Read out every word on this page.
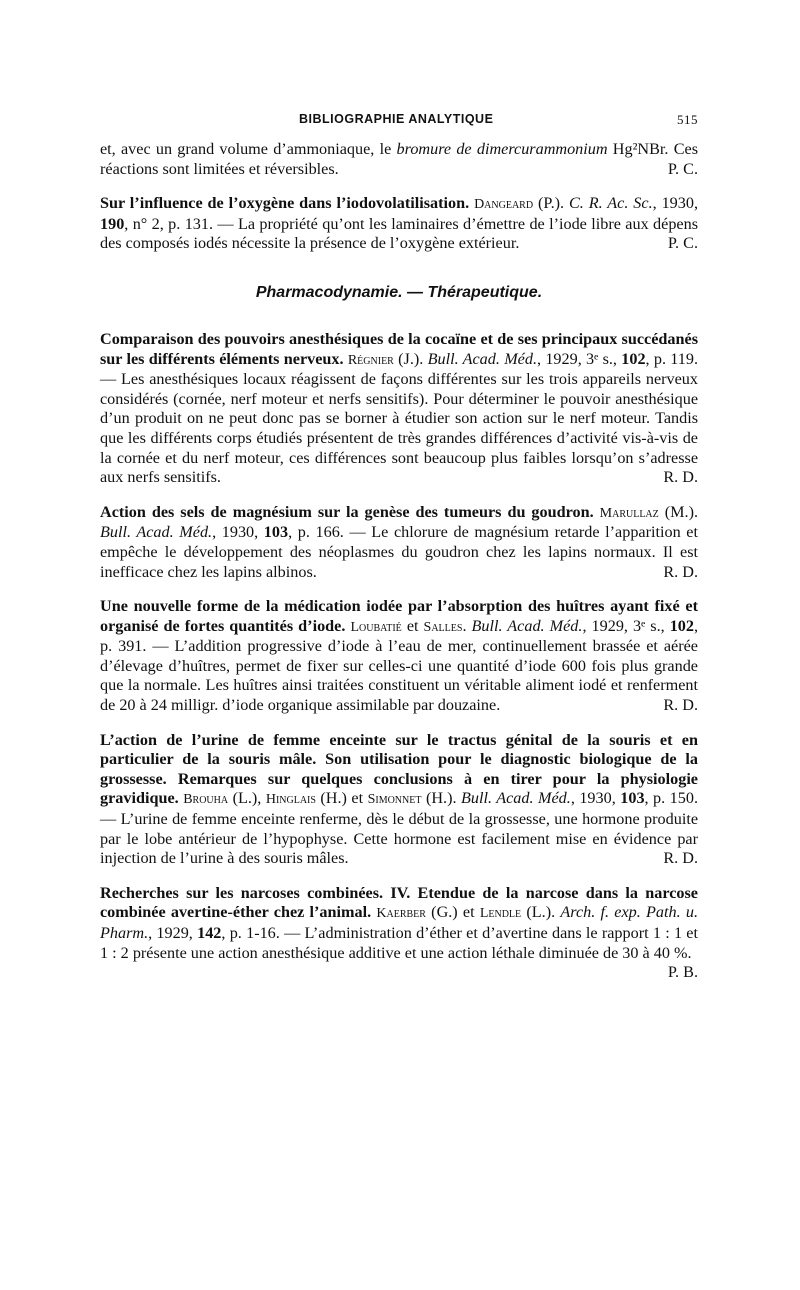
BIBLIOGRAPHIE ANALYTIQUE	515

et, avec un grand volume d’ammoniaque, le bromure de dimercurammonium Hg²NBr. Ces réactions sont limitées et réversibles.	P. C.

Sur l’influence de l’oxygène dans l’iodovolatilisation. Dangeard (P.). C. R. Ac. Sc., 1930, 190, n° 2, p. 131. — La propriété qu’ont les laminaires d’émettre de l’iode libre aux dépens des composés iodés nécessite la présence de l’oxygène extérieur.	P. C.

Pharmacodynamie. — Thérapeutique.

Comparaison des pouvoirs anesthésiques de la cocaïne et de ses principaux succédanés sur les différents éléments nerveux. Régnier (J.). Bull. Acad. Méd., 1929, 3ᵉ s., 102, p. 119. — Les anesthésiques locaux réagissent de façons différentes sur les trois appareils nerveux considérés (cornée, nerf moteur et nerfs sensitifs). Pour déterminer le pouvoir anesthésique d’un produit on ne peut donc pas se borner à étudier son action sur le nerf moteur. Tandis que les différents corps étudiés présentent de très grandes différences d’activité vis-à-vis de la cornée et du nerf moteur, ces différences sont beaucoup plus faibles lorsqu’on s’adresse aux nerfs sensitifs.	R. D.

Action des sels de magnésium sur la genèse des tumeurs du goudron. Marullaz (M.). Bull. Acad. Méd., 1930, 103, p. 166. — Le chlorure de magnésium retarde l’apparition et empêche le développement des néoplasmes du goudron chez les lapins normaux. Il est inefficace chez les lapins albinos.	R. D.

Une nouvelle forme de la médication iodée par l’absorption des huîtres ayant fixé et organisé de fortes quantités d’iode. Loubatié et Salles. Bull. Acad. Méd., 1929, 3ᵉ s., 102, p. 391. — L’addition progressive d’iode à l’eau de mer, continuellement brassée et aérée d’élevage d’huîtres, permet de fixer sur celles-ci une quantité d’iode 600 fois plus grande que la normale. Les huîtres ainsi traitées constituent un véritable aliment iodé et renferment de 20 à 24 milligr. d’iode organique assimilable par douzaine.	R. D.

L’action de l’urine de femme enceinte sur le tractus génital de la souris et en particulier de la souris mâle. Son utilisation pour le diagnostic biologique de la grossesse. Remarques sur quelques conclusions à en tirer pour la physiologie gravidique. Brouha (L.), Hinglais (H.) et Simonnet (H.). Bull. Acad. Méd., 1930, 103, p. 150. — L’urine de femme enceinte renferme, dès le début de la grossesse, une hormone produite par le lobe antérieur de l’hypophyse. Cette hormone est facilement mise en évidence par injection de l’urine à des souris mâles.	R. D.

Recherches sur les narcoses combinées. IV. Etendue de la narcose dans la narcose combinée avertine-éther chez l’animal. Kaerber (G.) et Lendle (L.). Arch. f. exp. Path. u. Pharm., 1929, 142, p. 1-16. — L’administration d’éther et d’avertine dans le rapport 1 : 1 et 1 : 2 présente une action anesthésique additive et une action léthale diminuée de 30 à 40 %.
P. B.
